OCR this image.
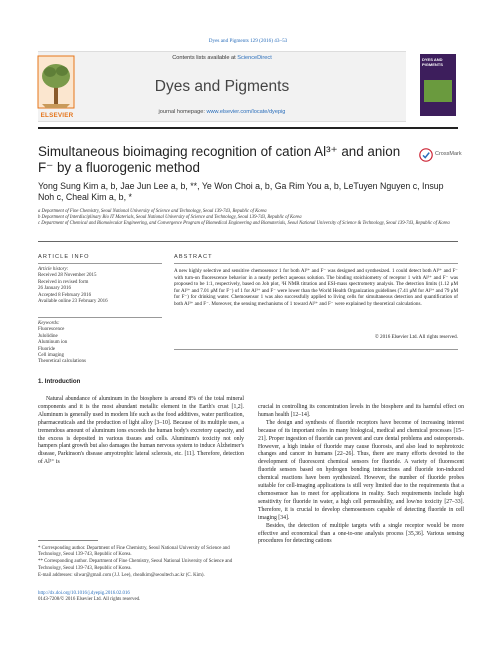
Dyes and Pigments 129 (2016) 43–53
Contents lists available at ScienceDirect
Dyes and Pigments
journal homepage: www.elsevier.com/locate/dyepig
ELSEVIER
DYES AND PIGMENTS
Simultaneous bioimaging recognition of cation Al³⁺ and anion F⁻ by a fluorogenic method
CrossMark
Yong Sung Kim a, b, Jae Jun Lee a, b, **, Ye Won Choi a, b, Ga Rim You a, b, LeTuyen Nguyen c, Insup Noh c, Cheal Kim a, b, *
a Department of Fine Chemistry, Seoul National University of Science and Technology, Seoul 139-743, Republic of Korea
b Department of Interdisciplinary Bio IT Materials, Seoul National University of Science and Technology, Seoul 139-743, Republic of Korea
c Department of Chemical and Biomolecular Engineering, and Convergence Program of Biomedical Engineering and Biomaterials, Seoul National University of Science & Technology, Seoul 139-743, Republic of Korea
ARTICLE INFO	ABSTRACT
Article history:
Received 28 November 2015
Received in revised form
26 January 2016
Accepted 8 February 2016
Available online 23 February 2016
Keywords:
Fluorescence
Julolidine
Aluminum ion
Fluoride
Cell imaging
Theoretical calculations
A new highly selective and sensitive chemosensor 1 for both Al³⁺ and F⁻ was designed and synthesized. 1 could detect both Al³⁺ and F⁻ with turn-on fluorescence behavior in a nearly perfect aqueous solution. The binding stoichiometry of receptor 1 with Al³⁺ and F⁻ was proposed to be 1:1, respectively, based on Job plot, ¹H NMR titration and ESI-mass spectrometry analysis. The detection limits (1.12 μM for Al³⁺ and 7.01 μM for F⁻) of 1 for Al³⁺ and F⁻ were lower than the World Health Organization guidelines (7.41 μM for Al³⁺ and 79 μM for F⁻) for drinking water. Chemosensor 1 was also successfully applied to living cells for simultaneous detection and quantification of both Al³⁺ and F⁻. Moreover, the sensing mechanisms of 1 toward Al³⁺ and F⁻ were explained by theoretical calculations.
© 2016 Elsevier Ltd. All rights reserved.
1. Introduction

Natural abundance of aluminum in the biosphere is around 8% of the total mineral components and it is the most abundant metallic element in the Earth's crust [1,2]. Aluminum is generally used in modern life such as the food additives, water purification, pharmaceuticals and the production of light alloy [3–10]. Because of its multiple uses, a tremendous amount of aluminum ions exceeds the human body's excretory capacity, and the excess is deposited in various tissues and cells. Aluminum's toxicity not only hampers plant growth but also damages the human nervous system to induce Alzheimer's disease, Parkinson's disease amyotrophic lateral sclerosis, etc. [11]. Therefore, detection of Al³⁺ is

crucial in controlling its concentration levels in the biosphere and its harmful effect on human health [12–14].

The design and synthesis of fluoride receptors have become of increasing interest because of its important roles in many biological, medical and chemical processes [15–21]. Proper ingestion of fluoride can prevent and cure dental problems and osteoporosis. However, a high intake of fluoride may cause fluorosis, and also lead to nephrotoxic changes and cancer in humans [22–26]. Thus, there are many efforts devoted to the development of fluorescent chemical sensors for fluoride. A variety of fluorescent fluoride sensors based on hydrogen bonding interactions and fluoride ion-induced chemical reactions have been synthesized. However, the number of fluoride probes suitable for cell-imaging applications is still very limited due to the requirements that a chemosensor has to meet for applications in reality. Such requirements include high sensitivity for fluoride in water, a high cell permeability, and low/no toxicity [27–33]. Therefore, it is crucial to develop chemosensors capable of detecting fluoride in cell imaging [34].

Besides, the detection of multiple targets with a single receptor would be more effective and economical than a one-to-one analysis process [35,36]. Various sensing procedures for detecting cations

* Corresponding author. Department of Fine Chemistry, Seoul National University of Science and Technology, Seoul 139-743, Republic of Korea.

** Corresponding author. Department of Fine Chemistry, Seoul National University of Science and Technology, Seoul 139-743, Republic of Korea.

E-mail addresses: silwar@gmail.com (J.J. Lee), chealkim@seoultech.ac.kr (C. Kim).

http://dx.doi.org/10.1016/j.dyepig.2016.02.016
0143-7208/© 2016 Elsevier Ltd. All rights reserved.
